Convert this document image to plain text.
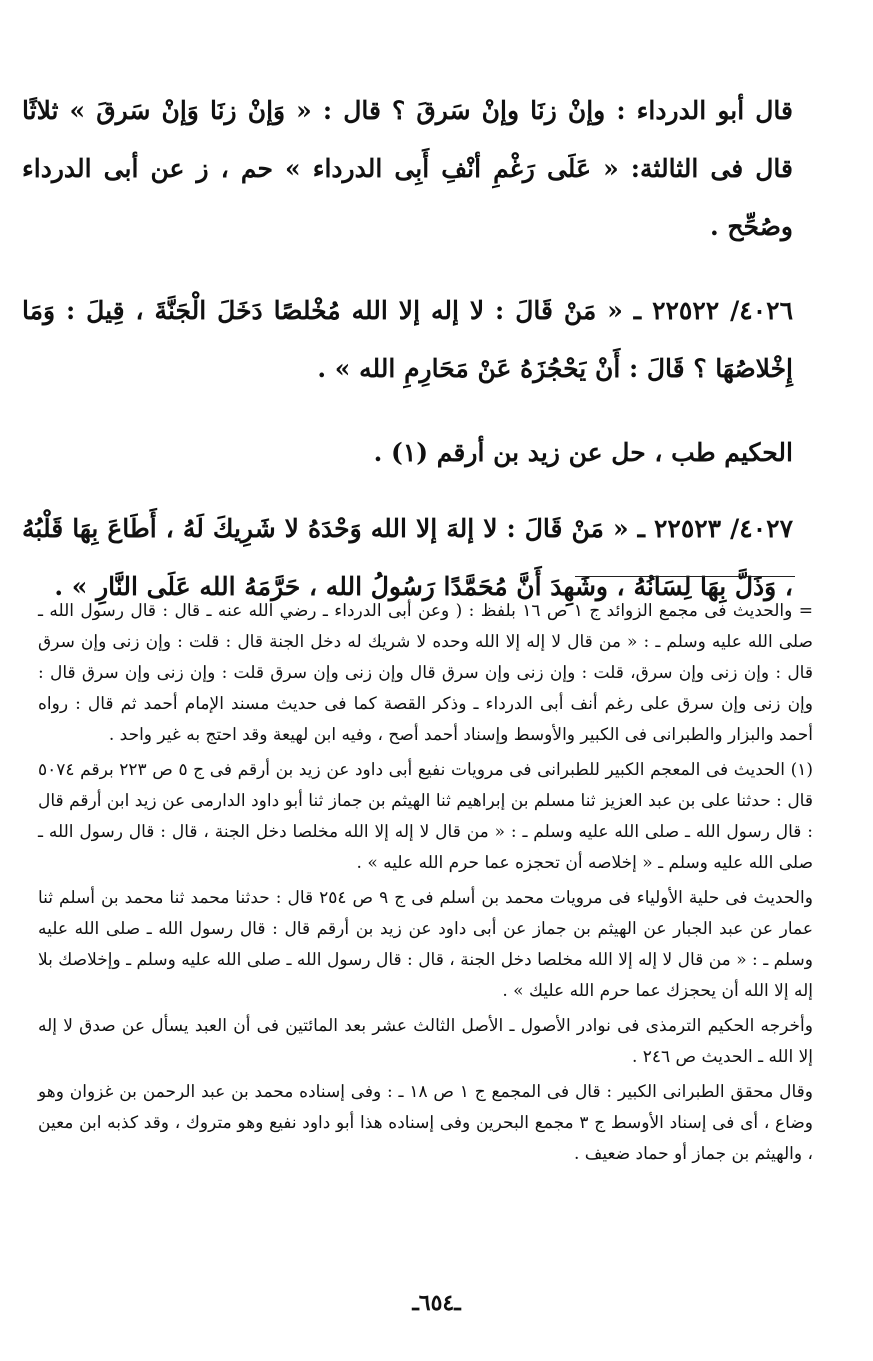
قال أبو الدرداء : وإنْ زنَا وإنْ سَرقَ ؟ قال : « وَإنْ زنَا وَإنْ سَرقَ » ثلاثًا قال فى الثالثة: « عَلَى رَغْمِ أنْفِ أَبِى الدرداء » حم ، ز عن أبى الدرداء وصُحِّح .

٤٠٢٦/ ٢٢٥٢٢ ـ « مَنْ قَالَ : لا إله إلا الله مُخْلصًا دَخَلَ الْجَنَّةَ ، قِيلَ : وَمَا إِخْلاصُهَا ؟ قَالَ : أَنْ يَحْجُزَهُ عَنْ مَحَارِمِ الله » .

الحكيم طب ، حل عن زيد بن أرقم (١) .

٤٠٢٧/ ٢٢٥٢٣ ـ « مَنْ قَالَ : لا إلهَ إلا الله وَحْدَهُ لا شَرِيكَ لَهُ ، أَطَاعَ بِهَا قَلْبُهُ ، وَذَلَّ بِهَا لِسَانُهُ ، وشَهِدَ أَنَّ مُحَمَّدًا رَسُولُ الله ، حَرَّمَهُ الله عَلَى النَّارِ » .

= والحديث فى مجمع الزوائد ج ١ ص ١٦ بلفظ : ( وعن أبى الدرداء ـ رضي الله عنه ـ قال : قال رسول الله ـ صلى الله عليه وسلم ـ : « من قال لا إله إلا الله وحده لا شريك له دخل الجنة قال : قلت : وإن زنى وإن سرق قال : وإن زنى وإن سرق، قلت : وإن زنى وإن سرق قال وإن زنى وإن سرق قلت : وإن زنى وإن سرق قال : وإن زنى وإن سرق على رغم أنف أبى الدرداء ـ وذكر القصة كما فى حديث مسند الإمام أحمد ثم قال : رواه أحمد والبزار والطبرانى فى الكبير والأوسط وإسناد أحمد أصح ، وفيه ابن لهيعة وقد احتج به غير واحد .

(١) الحديث فى المعجم الكبير للطبرانى فى مرويات نفيع أبى داود عن زيد بن أرقم فى ج ٥ ص ٢٢٣ برقم ٥٠٧٤ قال : حدثنا على بن عبد العزيز ثنا مسلم بن إبراهيم ثنا الهيثم بن جماز ثنا أبو داود الدارمى عن زيد ابن أرقم قال : قال رسول الله ـ صلى الله عليه وسلم ـ : « من قال لا إله إلا الله مخلصا دخل الجنة ، قال : قال رسول الله ـ صلى الله عليه وسلم ـ « إخلاصه أن تحجزه عما حرم الله عليه » .

والحديث فى حلية الأولياء فى مرويات محمد بن أسلم فى ج ٩ ص ٢٥٤ قال : حدثنا محمد ثنا محمد بن أسلم ثنا عمار عن عبد الجبار عن الهيثم بن جماز عن أبى داود عن زيد بن أرقم قال : قال رسول الله ـ صلى الله عليه وسلم ـ : « من قال لا إله إلا الله مخلصا دخل الجنة ، قال : قال رسول الله ـ صلى الله عليه وسلم ـ وإخلاصك بلا إله إلا الله أن يحجزك عما حرم الله عليك » .

وأخرجه الحكيم الترمذى فى نوادر الأصول ـ الأصل الثالث عشر بعد المائتين فى أن العبد يسأل عن صدق لا إله إلا الله ـ الحديث ص ٢٤٦ .

وقال محقق الطبرانى الكبير : قال فى المجمع ج ١ ص ١٨ ـ : وفى إسناده محمد بن عبد الرحمن بن غزوان وهو وضاع ، أى فى إسناد الأوسط ج ٣ مجمع البحرين وفى إسناده هذا أبو داود نفيع وهو متروك ، وقد كذبه ابن معين ، والهيثم بن جماز أو حماد ضعيف .

ـ٦٥٤ـ
